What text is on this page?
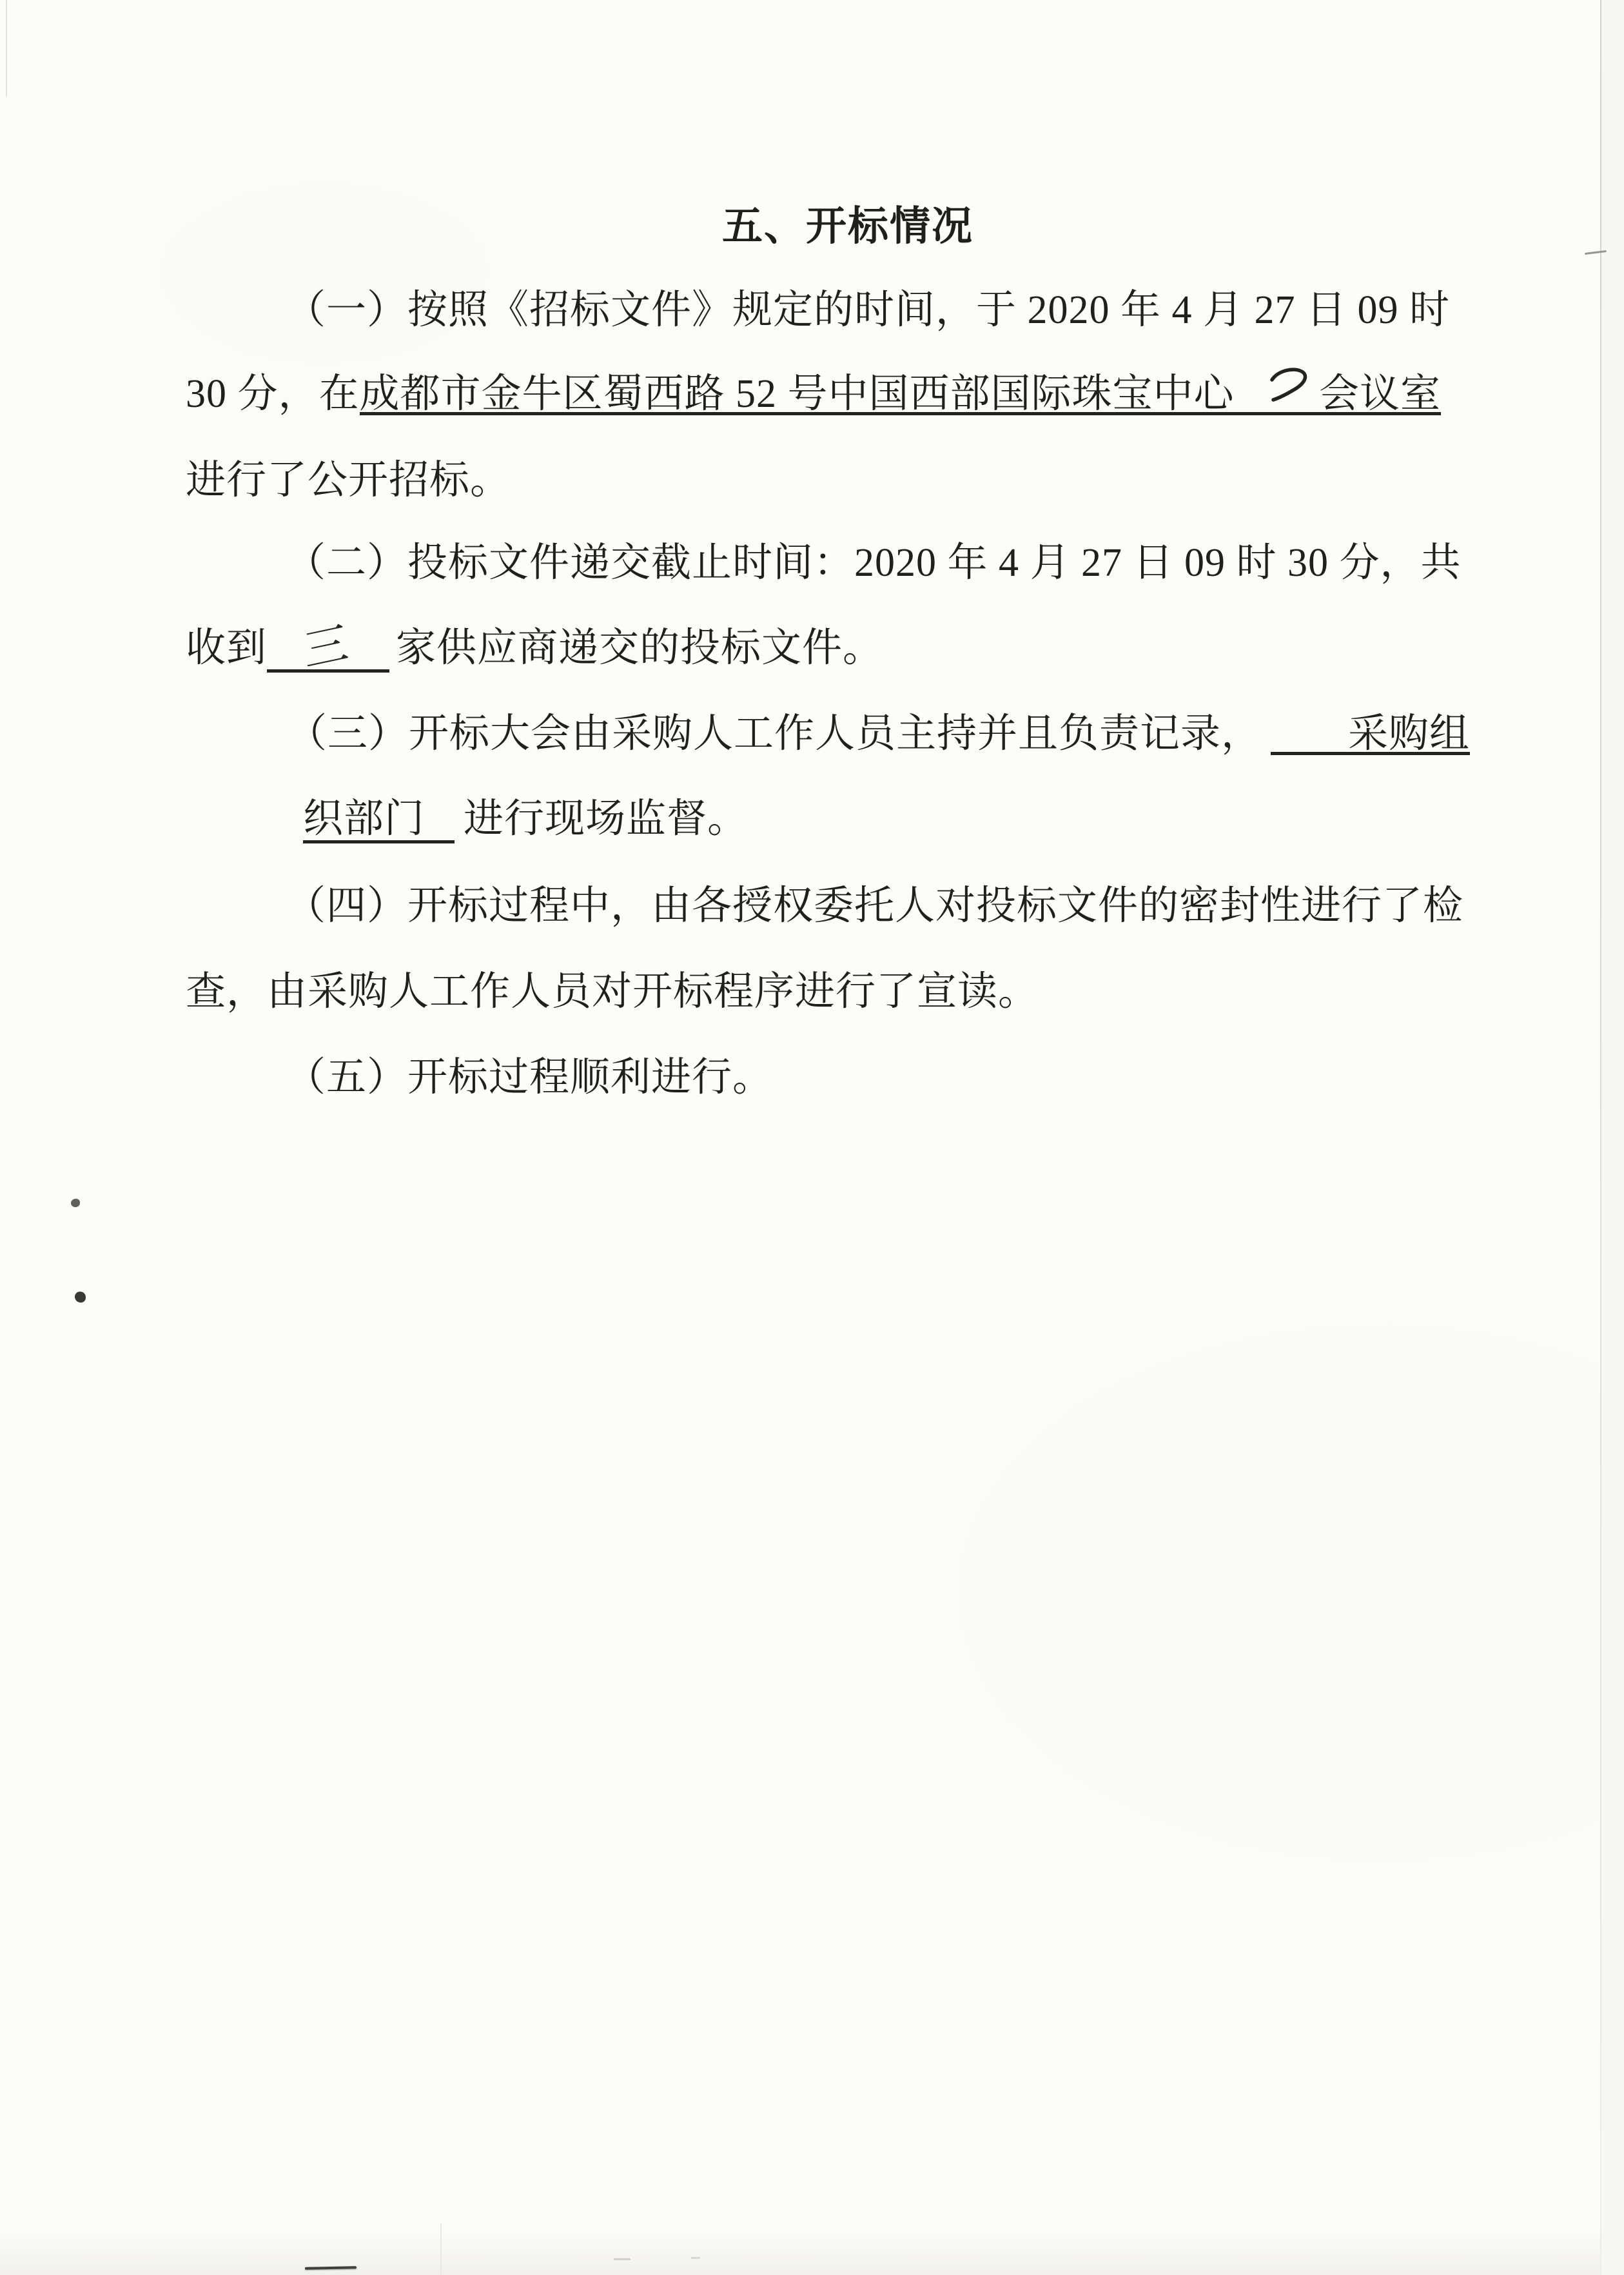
五、开标情况
（一）按照《招标文件》规定的时间，于 2020 年 4 月 27 日 09 时
30 分，在 成都市金牛区蜀西路 52 号中国西部国际珠宝中心 会议室
进行了公开招标。
（二）投标文件递交截止时间：2020 年 4 月 27 日 09 时 30 分，共
收到 三 家供应商递交的投标文件。
（三）开标大会由采购人工作人员主持并且负责记录， 采购组
织部门 进行现场监督。
（四）开标过程中，由各授权委托人对投标文件的密封性进行了检
查，由采购人工作人员对开标程序进行了宣读。
（五）开标过程顺利进行。
